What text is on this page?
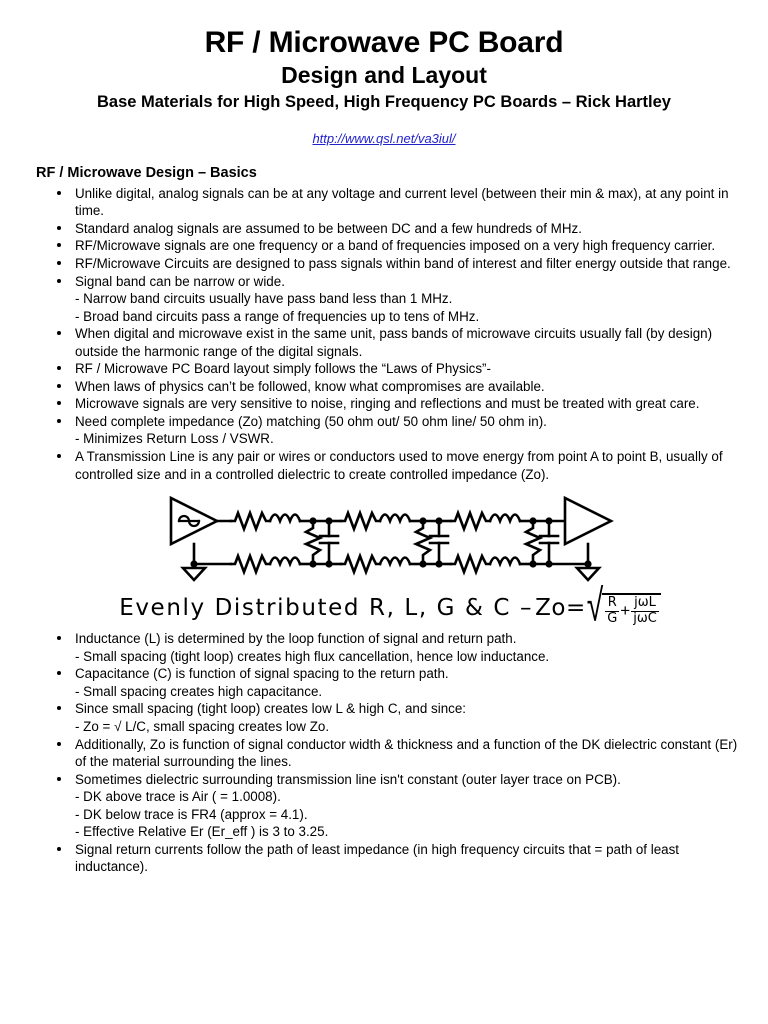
RF / Microwave PC Board
Design and Layout
Base Materials for High Speed, High Frequency PC Boards – Rick Hartley
http://www.qsl.net/va3iul/
RF / Microwave Design – Basics
Unlike digital, analog signals can be at any voltage and current level (between their min & max), at any point in time.
Standard analog signals are assumed to be between DC and a few hundreds of MHz.
RF/Microwave signals are one frequency or a band of frequencies imposed on a very high frequency carrier.
RF/Microwave Circuits are designed to pass signals within band of interest and filter energy outside that range.
Signal band can be narrow or wide.
- Narrow band circuits usually have pass band less than 1 MHz.
- Broad band circuits pass a range of frequencies up to tens of MHz.
When digital and microwave exist in the same unit, pass bands of microwave circuits usually fall (by design) outside the harmonic range of the digital signals.
RF / Microwave PC Board layout simply follows the “Laws of Physics”-
When laws of physics can’t be followed, know what compromises are available.
Microwave signals are very sensitive to noise, ringing and reflections and must be treated with great care.
Need complete impedance (Zo) matching (50 ohm out/ 50 ohm line/ 50 ohm in).
- Minimizes Return Loss / VSWR.
A Transmission Line is any pair or wires or conductors used to move energy from point A to point B, usually of controlled size and in a controlled dielectric to create controlled impedance (Zo).
Evenly Distributed R, L, G & C – Zo= √ $\frac{R}{G} + \frac{\text{jωL}}{\text{jωC}}$
Inductance (L) is determined by the loop function of signal and return path.
- Small spacing (tight loop) creates high flux cancellation, hence low inductance.
Capacitance (C) is function of signal spacing to the return path.
- Small spacing creates high capacitance.
Since small spacing (tight loop) creates low L & high C, and since:
- Zo = √ L/C, small spacing creates low Zo.
Additionally, Zo is function of signal conductor width & thickness and a function of the DK dielectric constant (Er) of the material surrounding the lines.
Sometimes dielectric surrounding transmission line isn't constant (outer layer trace on PCB).
- DK above trace is Air ( = 1.0008).
- DK below trace is FR4 (approx = 4.1).
- Effective Relative Er (Er_eff ) is 3 to 3.25.
Signal return currents follow the path of least impedance (in high frequency circuits that = path of least inductance).
